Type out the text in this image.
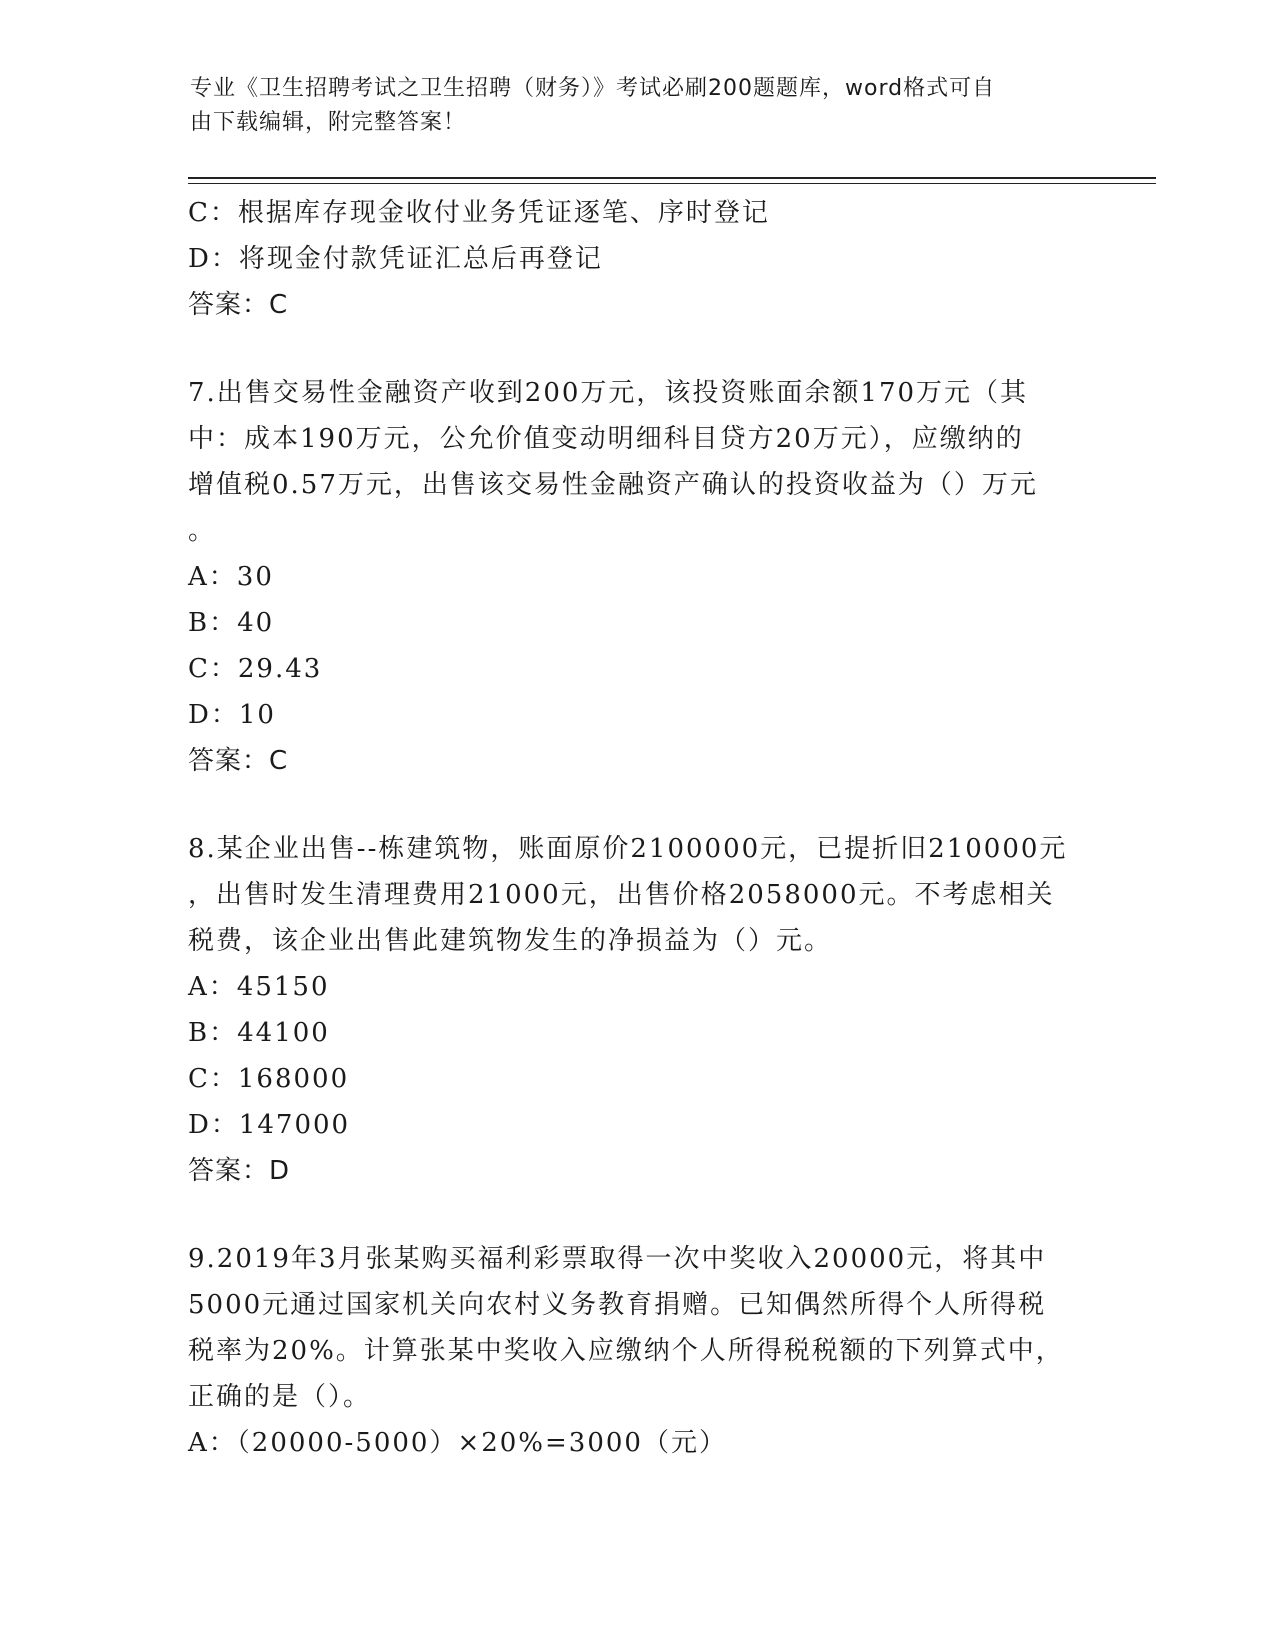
专业《卫生招聘考试之卫生招聘（财务）》考试必刷200题题库，word格式可自
由下载编辑，附完整答案！
C：根据库存现金收付业务凭证逐笔、序时登记
D：将现金付款凭证汇总后再登记
答案：C
7.出售交易性金融资产收到200万元，该投资账面余额170万元（其
中：成本190万元，公允价值变动明细科目贷方20万元），应缴纳的
增值税0.57万元，出售该交易性金融资产确认的投资收益为（）万元
。
A：30
B：40
C：29.43
D：10
答案：C
8.某企业出售--栋建筑物，账面原价2100000元，已提折旧210000元
，出售时发生清理费用21000元，出售价格2058000元。不考虑相关
税费，该企业出售此建筑物发生的净损益为（）元。
A：45150
B：44100
C：168000
D：147000
答案：D
9.2019年3月张某购买福利彩票取得一次中奖收入20000元，将其中
5000元通过国家机关向农村义务教育捐赠。已知偶然所得个人所得税
税率为20%。计算张某中奖收入应缴纳个人所得税税额的下列算式中，
正确的是（）。
A：（20000-5000）×20%=3000（元）
